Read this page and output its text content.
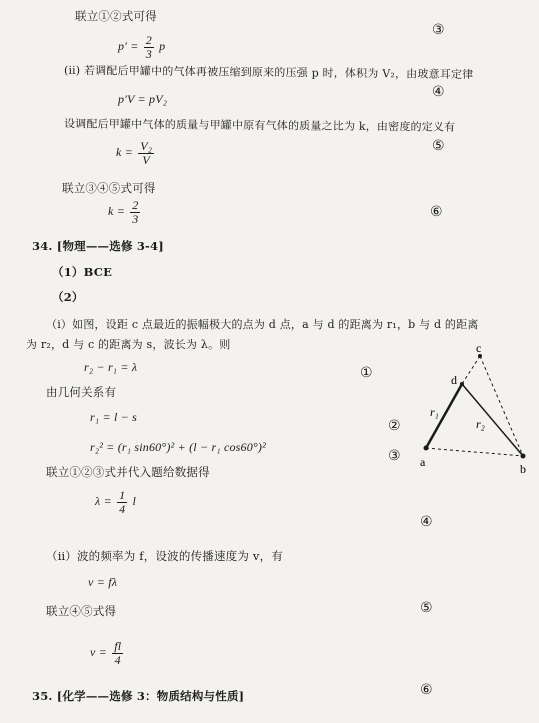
联立①②式可得
$p' = \frac{2}{3}$ p
③
(ⅱ) 若调配后甲罐中的气体再被压缩到原来的压强 p 时，体积为 V₂，由玻意耳定律
p′V = pV₂	④
设调配后甲罐中气体的质量与甲罐中原有气体的质量之比为 k，由密度的定义有
$k = \frac{\text{V₂}}{V}$	⑤
联立③④⑤式可得
$k = \frac{2}{3}$	⑥
34. [物理——选修 3-4]
（1）BCE
（2）
（ⅰ）如图，设距 c 点最近的振幅极大的点为 d 点，a 与 d 的距离为 r₁，b 与 d 的距离
为 r₂，d 与 c 的距离为 s，波长为 λ。则
r₂ − r₁ = λ	①
由几何关系有
r₁ = l − s
②
r₂² = (r₁ sin60°)² + (l − r₁ cos60°)²
③
联立①②③式并代入题给数据得
$\lambda = \frac{1}{4}$ l
④
（ⅱ）波的频率为 f，设波的传播速度为 v，有
v = fλ
联立④⑤式得	⑤
$v = \frac{fl}{4}$
⑥
35. [化学——选修 3：物质结构与性质]
a	b
c
d
r₁
r₂
